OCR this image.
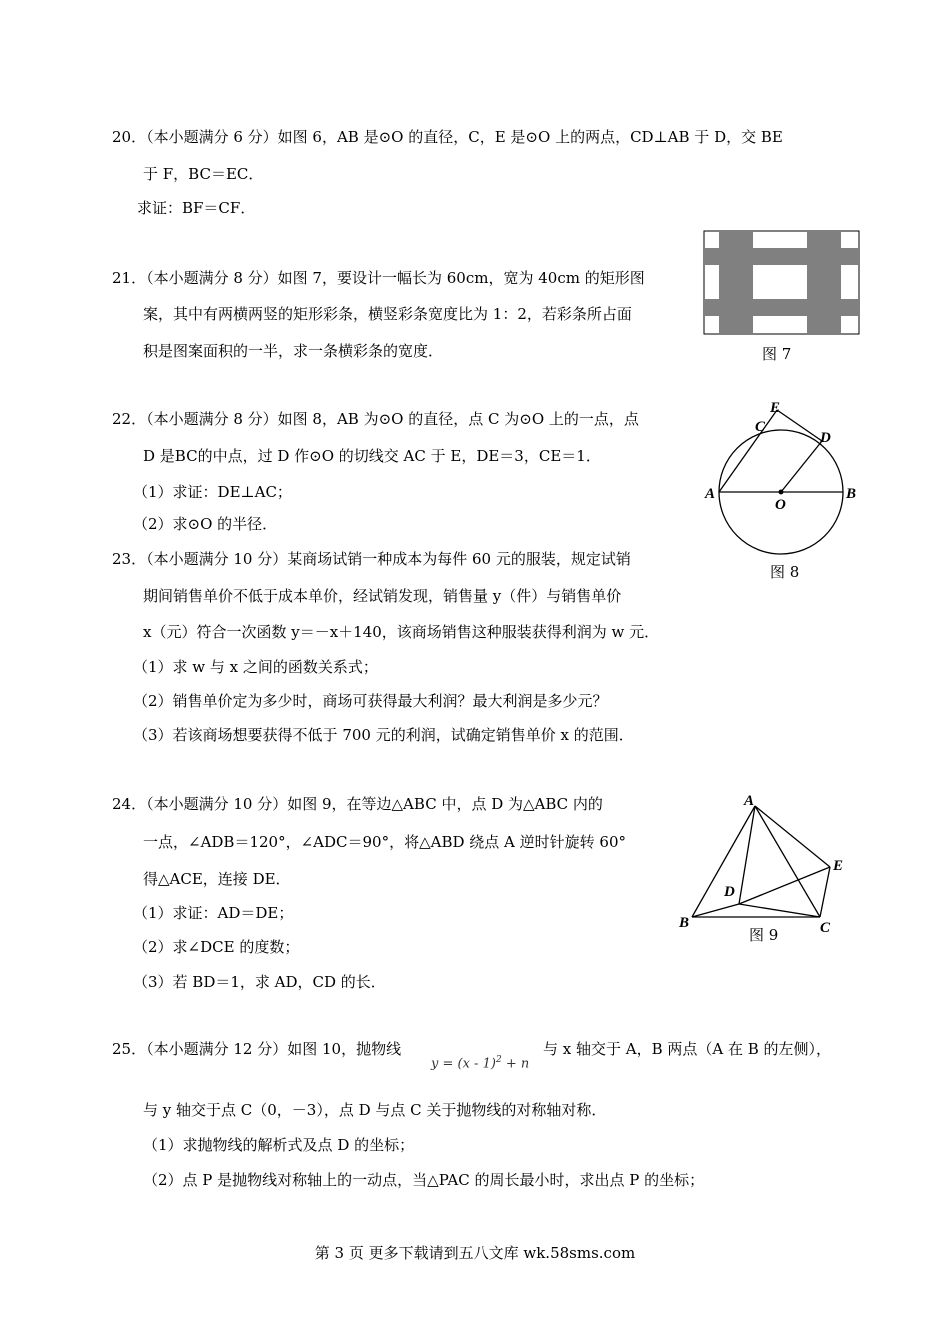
20．（本小题满分 6 分）如图 6，AB 是⊙O 的直径，C，E 是⊙O 上的两点，CD⊥AB 于 D，交 BE
于 F，BC＝EC．
求证：BF＝CF．
21．（本小题满分 8 分）如图 7，要设计一幅长为 60cm，宽为 40cm 的矩形图
案，其中有两横两竖的矩形彩条，横竖彩条宽度比为 1：2，若彩条所占面
积是图案面积的一半，求一条横彩条的宽度．	图 7
22．（本小题满分 8 分）如图 8，AB 为⊙O 的直径，点 C 为⊙O 上的一点，点
D 是BC的中点，过 D 作⊙O 的切线交 AC 于 E，DE＝3，CE＝1．
（1）求证：DE⊥AC；
（2）求⊙O 的半径．
A	B
C
D
E
O
图 8
23．（本小题满分 10 分）某商场试销一种成本为每件 60 元的服装，规定试销
期间销售单价不低于成本单价，经试销发现，销售量 y（件）与销售单价
x（元）符合一次函数 y＝－x＋140，该商场销售这种服装获得利润为 w 元．
（1）求 w 与 x 之间的函数关系式；
（2）销售单价定为多少时，商场可获得最大利润？最大利润是多少元？
（3）若该商场想要获得不低于 700 元的利润，试确定销售单价 x 的范围．
24．（本小题满分 10 分）如图 9，在等边△ABC 中，点 D 为△ABC 内的
一点，∠ADB＝120°，∠ADC＝90°，将△ABD 绕点 A 逆时针旋转 60°
得△ACE，连接 DE．
（1）求证：AD＝DE；
（2）求∠DCE 的度数；
（3）若 BD＝1，求 AD，CD 的长．
A
B	C
D
E
图 9
25．（本小题满分 12 分）如图 10，抛物线
y = (x - 1)$^2$ + n
与 x 轴交于 A，B 两点（A 在 B 的左侧），
与 y 轴交于点 C（0，－3），点 D 与点 C 关于抛物线的对称轴对称．
（1）求抛物线的解析式及点 D 的坐标；
（2）点 P 是抛物线对称轴上的一动点，当△PAC 的周长最小时，求出点 P 的坐标；
第 3 页 更多下载请到五八文库 wk.58sms.com
